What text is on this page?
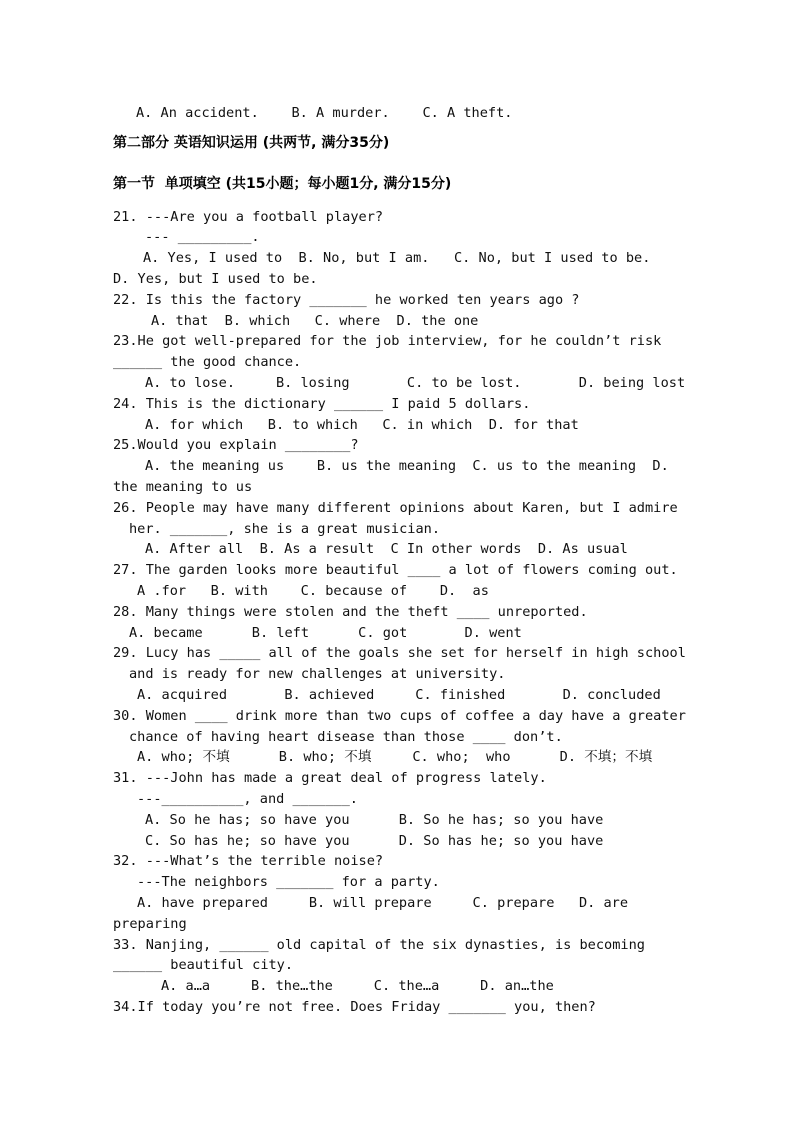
A. An accident.    B. A murder.    C. A theft.
第二部分 英语知识运用 (共两节, 满分35分)
第一节  单项填空 (共15小题；每小题1分, 满分15分)
21. ---Are you a football player?
--- _________.
A. Yes, I used to  B. No, but I am.   C. No, but I used to be.
D. Yes, but I used to be.
22. Is this the factory _______ he worked ten years ago ?
A. that  B. which   C. where  D. the one
23.He got well-prepared for the job interview, for he couldn’t risk
______ the good chance.
A. to lose.     B. losing       C. to be lost.       D. being lost
24. This is the dictionary ______ I paid 5 dollars.
A. for which   B. to which   C. in which  D. for that
25.Would you explain ________?
A. the meaning us    B. us the meaning  C. us to the meaning  D.
the meaning to us
26. People may have many different opinions about Karen, but I admire
her. _______, she is a great musician.
A. After all  B. As a result  C In other words  D. As usual
27. The garden looks more beautiful ____ a lot of flowers coming out.
A .for   B. with    C. because of    D.  as
28. Many things were stolen and the theft ____ unreported.
A. became      B. left      C. got       D. went
29. Lucy has _____ all of the goals she set for herself in high school
and is ready for new challenges at university.
A. acquired       B. achieved     C. finished       D. concluded
30. Women ____ drink more than two cups of coffee a day have a greater
chance of having heart disease than those ____ don’t.
A. who; 不填      B. who; 不填     C. who;  who      D. 不填；不填
31. ---John has made a great deal of progress lately.
---__________, and _______.
A. So he has; so have you      B. So he has; so you have
C. So has he; so have you      D. So has he; so you have
32. ---What’s the terrible noise?
---The neighbors _______ for a party.
A. have prepared     B. will prepare     C. prepare   D. are
preparing
33. Nanjing, ______ old capital of the six dynasties, is becoming
______ beautiful city.
A. a…a     B. the…the     C. the…a     D. an…the
34.If today you’re not free. Does Friday _______ you, then?
